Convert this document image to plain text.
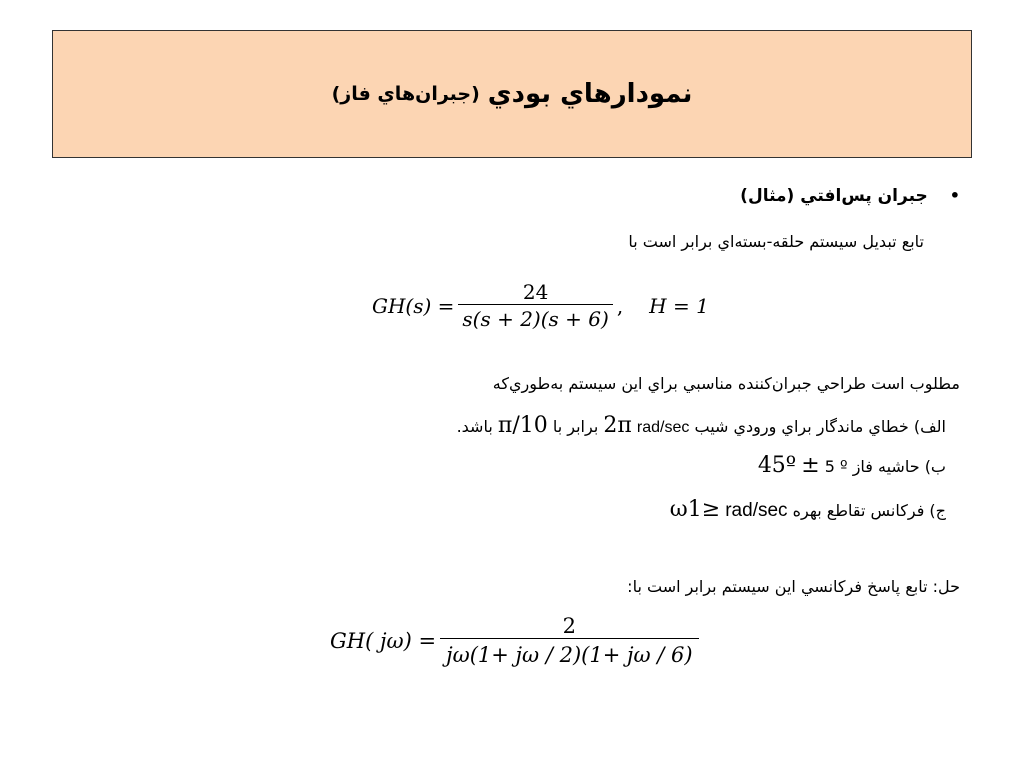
نمودارهاي بودي
(جبران‌هاي فاز)
•جبران پس‌افتي (مثال)
تابع تبديل سيستم حلقه-بسته‌اي برابر است با
$GH(s) = \frac{24}{s(s + 2)(s + 6)}$ , H = 1
مطلوب است طراحي جبران‌كننده مناسبي براي اين سيستم به‌طوري‌كه
الف) خطاي ماندگار براي ورودي شيب rad/sec 2π برابر با π/10 باشد.
ب) حاشيه فاز 45º ± 5 º
ج) فركانس تقاطع بهره ω1≥ rad/sec
حل: تابع پاسخ فركانسي اين سيستم برابر است با:
GH( $j\omega) = \frac{2}{j\omega(1+ j\omega / 2)(1+ j\omega / 6)}$
